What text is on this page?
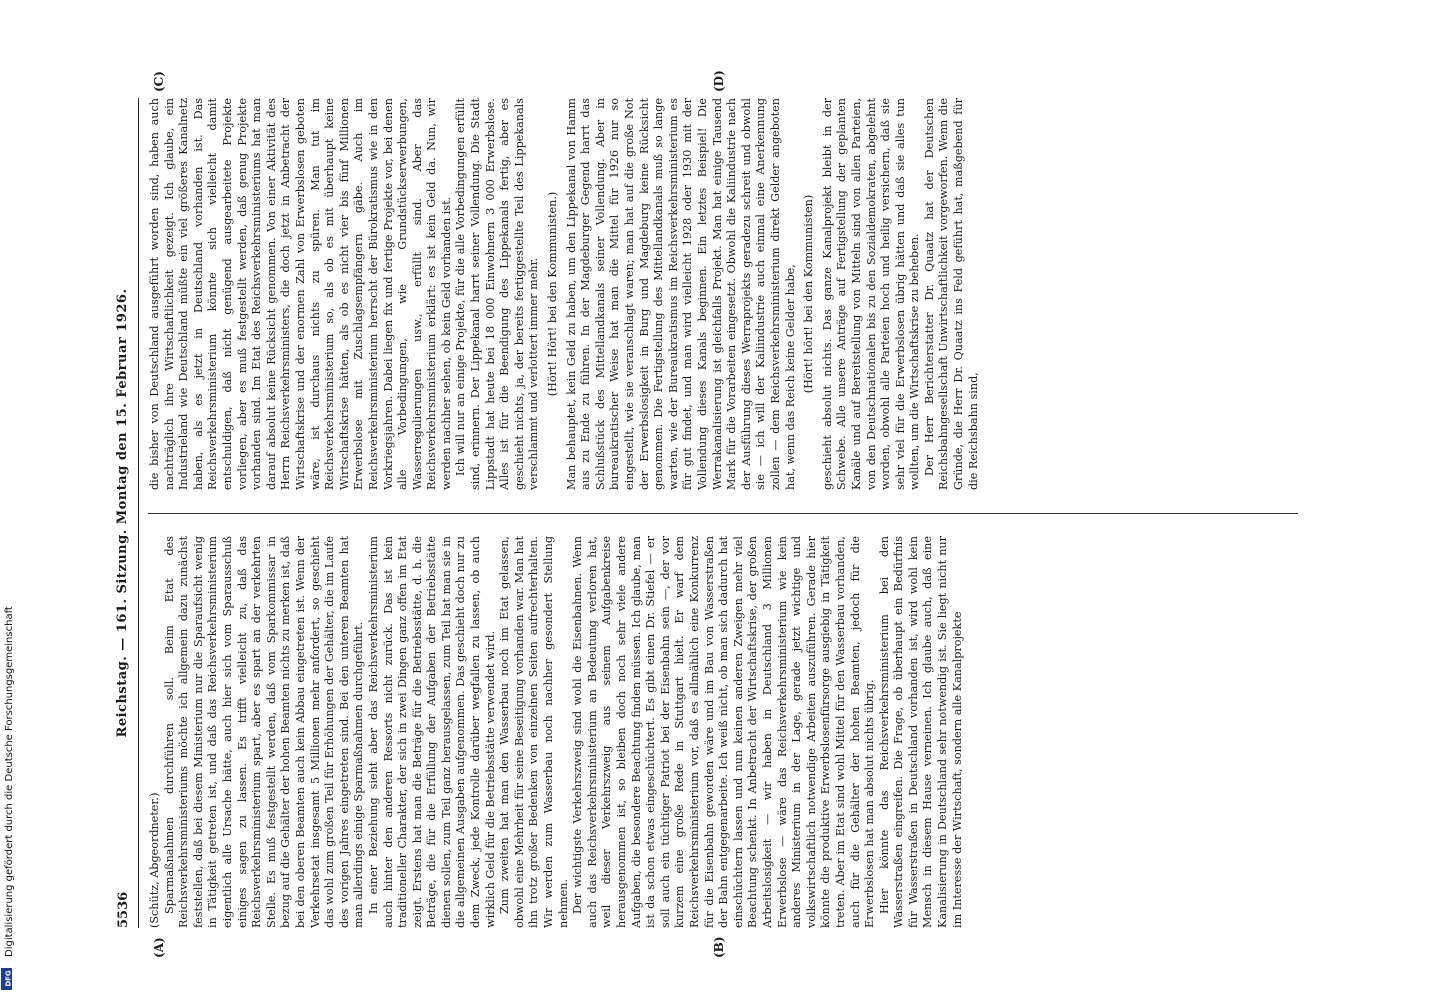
5536
Reichstag. — 161. Sitzung. Montag den 15. Februar 1926.
(A)	(B)
(C)	(D)

(Schütz, Abgeordneter.) Sparmaßnahmen durchführen soll. Beim Etat des Reichsverkehrsministeriums möchte ich allgemein dazu zunächst feststellen, daß bei diesem Ministerium nur die Sparaufsicht wenig in Tätigkeit getreten ist, und daß das Reichsverkehrsministerium eigentlich alle Ursache hätte, auch hier sich vom Sparausschuß einiges sagen zu lassen. Es trifft vielleicht zu, daß das Reichsverkehrsministerium spart, aber es spart an der verkehrten Stelle. Es muß festgestellt werden, daß vom Sparkommissar in bezug auf die Gehälter der hohen Beamten nichts zu merken ist, daß bei den oberen Beamten auch kein Abbau eingetreten ist. Wenn der Verkehrsetat insgesamt 5 Millionen mehr anfordert, so geschieht das wohl zum großen Teil für Erhöhungen der Gehälter, die im Laufe des vorigen Jahres eingetreten sind. Bei den unteren Beamten hat man allerdings einige Sparmaßnahmen durchgeführt. In einer Beziehung sieht aber das Reichsverkehrsministerium auch hinter den anderen Ressorts nicht zurück. Das ist kein traditioneller Charakter, der sich in zwei Dingen ganz offen im Etat zeigt. Erstens hat man die Beträge für die Betriebsstätte, d. h. die Beträge, die für die Erfüllung der Aufgaben der Betriebsstätte dienen sollen, zum Teil ganz herausgelassen, zum Teil hat man sie in die allgemeinen Ausgaben aufgenommen. Das geschieht doch nur zu dem Zweck, jede Kontrolle darüber wegfallen zu lassen, ob auch wirklich Geld für die Betriebsstätte verwendet wird. Zum zweiten hat man den Wasserbau noch im Etat gelassen, obwohl eine Mehrheit für seine Beseitigung vorhanden war. Man hat ihn trotz großer Bedenken von einzelnen Seiten aufrechterhalten. Wir werden zum Wasserbau noch nachher gesondert Stellung nehmen. Der wichtigste Verkehrszweig sind wohl die Eisenbahnen. Wenn auch das Reichsverkehrsministerium an Bedeutung verloren hat, weil dieser Verkehrszweig aus seinem Aufgabenkreise herausgenommen ist, so bleiben doch noch sehr viele andere Aufgaben, die besondere Beachtung finden müssen. Ich glaube, man ist da schon etwas eingeschüchtert. Es gibt einen Dr. Stiefel — er soll auch ein tüchtiger Patriot bei der Eisenbahn sein —, der vor kurzem eine große Rede in Stuttgart hielt. Er warf dem Reichsverkehrsministerium vor, daß es allmählich eine Konkurrenz für die Eisenbahn geworden wäre und im Bau von Wasserstraßen der Bahn entgegenarbeite. Ich weiß nicht, ob man sich dadurch hat einschüchtern lassen und nun keinen anderen Zweigen mehr viel Beachtung schenkt. In Anbetracht der Wirtschaftskrise, der großen Arbeitslosigkeit — wir haben in Deutschland 3 Millionen Erwerbslose — wäre das Reichsverkehrsministerium wie kein anderes Ministerium in der Lage, gerade jetzt wichtige und volkswirtschaftlich notwendige Arbeiten auszuführen. Gerade hier könnte die produktive Erwerbslosenfürsorge ausgiebig in Tätigkeit treten. Aber im Etat sind wohl Mittel für den Wasserbau vorhanden, auch für die Gehälter der hohen Beamten, jedoch für die Erwerbslosen hat man absolut nichts übrig. Hier könnte das Reichsverkehrsministerium bei den Wasserstraßen eingreifen. Die Frage, ob überhaupt ein Bedürfnis für Wasserstraßen in Deutschland vorhanden ist, wird wohl kein Mensch in diesem Hause verneinen. Ich glaube auch, daß eine Kanalisierung in Deutschland sehr notwendig ist. Sie liegt nicht nur im Interesse der Wirtschaft, sondern alle Kanalprojekte

die bisher von Deutschland ausgeführt worden sind, haben auch nachträglich ihre Wirtschaftlichkeit gezeigt. Ich glaube, ein Industrieland wie Deutschland müßte ein viel größeres Kanalnetz haben, als es jetzt in Deutschland vorhanden ist. Das Reichsverkehrsministerium könnte sich vielleicht damit entschuldigen, daß nicht genügend ausgearbeitete Projekte vorliegen, aber es muß festgestellt werden, daß genug Projekte vorhanden sind. Im Etat des Reichsverkehrsministeriums hat man darauf absolut keine Rücksicht genommen. Von einer Aktivität des Herrn Reichsverkehrsministers, die doch jetzt in Anbetracht der Wirtschaftskrise und der enormen Zahl von Erwerbslosen geboten wäre, ist durchaus nichts zu spüren. Man tut im Reichsverkehrsministerium so, als ob es mit überhaupt keine Wirtschaftskrise hätten, als ob es nicht vier bis fünf Millionen Erwerbslose mit Zuschlagsempfängern gäbe. Auch im Reichsverkehrsministerium herrscht der Bürokratismus wie in den Vorkriegsjahren. Dabei liegen fix und fertige Projekte vor, bei denen alle Vorbedingungen, wie Grundstückserwerbungen, Wasserregulierungen usw., erfüllt sind. Aber das Reichsverkehrsministerium erklärt: es ist kein Geld da. Nun, wir werden nachher sehen, ob kein Geld vorhanden ist. Ich will nur an einige Projekte, für die alle Vorbedingungen erfüllt sind, erinnern. Der Lippekanal harrt seiner Vollendung. Die Stadt Lippstadt hat heute bei 18 000 Einwohnern 3 000 Erwerbslose. Alles ist für die Beendigung des Lippekanals fertig, aber es geschieht nichts, ja, der bereits fertiggestellte Teil des Lippekanals verschlammt und verlottert immer mehr. (Hört! Hört! bei den Kommunisten.) Man behauptet, kein Geld zu haben, um den Lippekanal von Hamm aus zu Ende zu führen. In der Magdeburger Gegend harrt das Schlußstück des Mittellandkanals seiner Vollendung. Aber in bureaukratischer Weise hat man die Mittel für 1926 nur so eingestellt, wie sie veranschlagt waren; man hat auf die große Not der Erwerbslosigkeit in Burg und Magdeburg keine Rücksicht genommen. Die Fertigstellung des Mittellandkanals muß so lange warten, wie der Bureaukratismus im Reichsverkehrsministerium es für gut findet, und man wird vielleicht 1928 oder 1930 mit der Vollendung dieses Kanals beginnen. Ein letztes Beispiel! Die Werrakanalisierung ist gleichfalls Projekt. Man hat einige Tausend Mark für die Vorarbeiten eingesetzt. Obwohl die Kaliindustrie nach der Ausführung dieses Werraprojekts geradezu schreit und obwohl sie — ich will der Kaliindustrie auch einmal eine Anerkennung zollen — dem Reichsverkehrsministerium direkt Gelder angeboten hat, wenn das Reich keine Gelder habe, (Hört! hört! bei den Kommunisten) geschieht absolut nichts. Das ganze Kanalprojekt bleibt in der Schwebe. Alle unsere Anträge auf Fertigstellung der geplanten Kanäle und auf Bereitstellung von Mitteln sind von allen Parteien, von den Deutschnationalen bis zu den Sozialdemokraten, abgelehnt worden, obwohl alle Parteien hoch und heilig versichern, daß sie sehr viel für die Erwerbslosen übrig hätten und daß sie alles tun wollten, um die Wirtschaftskrise zu beheben. Der Herr Berichterstatter Dr. Quaatz hat der Deutschen Reichsbahngesellschaft Unwirtschaftlichkeit vorgeworfen. Wenn die Gründe, die Herr Dr. Quaatz ins Feld geführt hat, maßgebend für die Reichsbahn sind,

Digitalisierung gefördert durch die Deutsche Forschungsgemeinschaft
DFG
